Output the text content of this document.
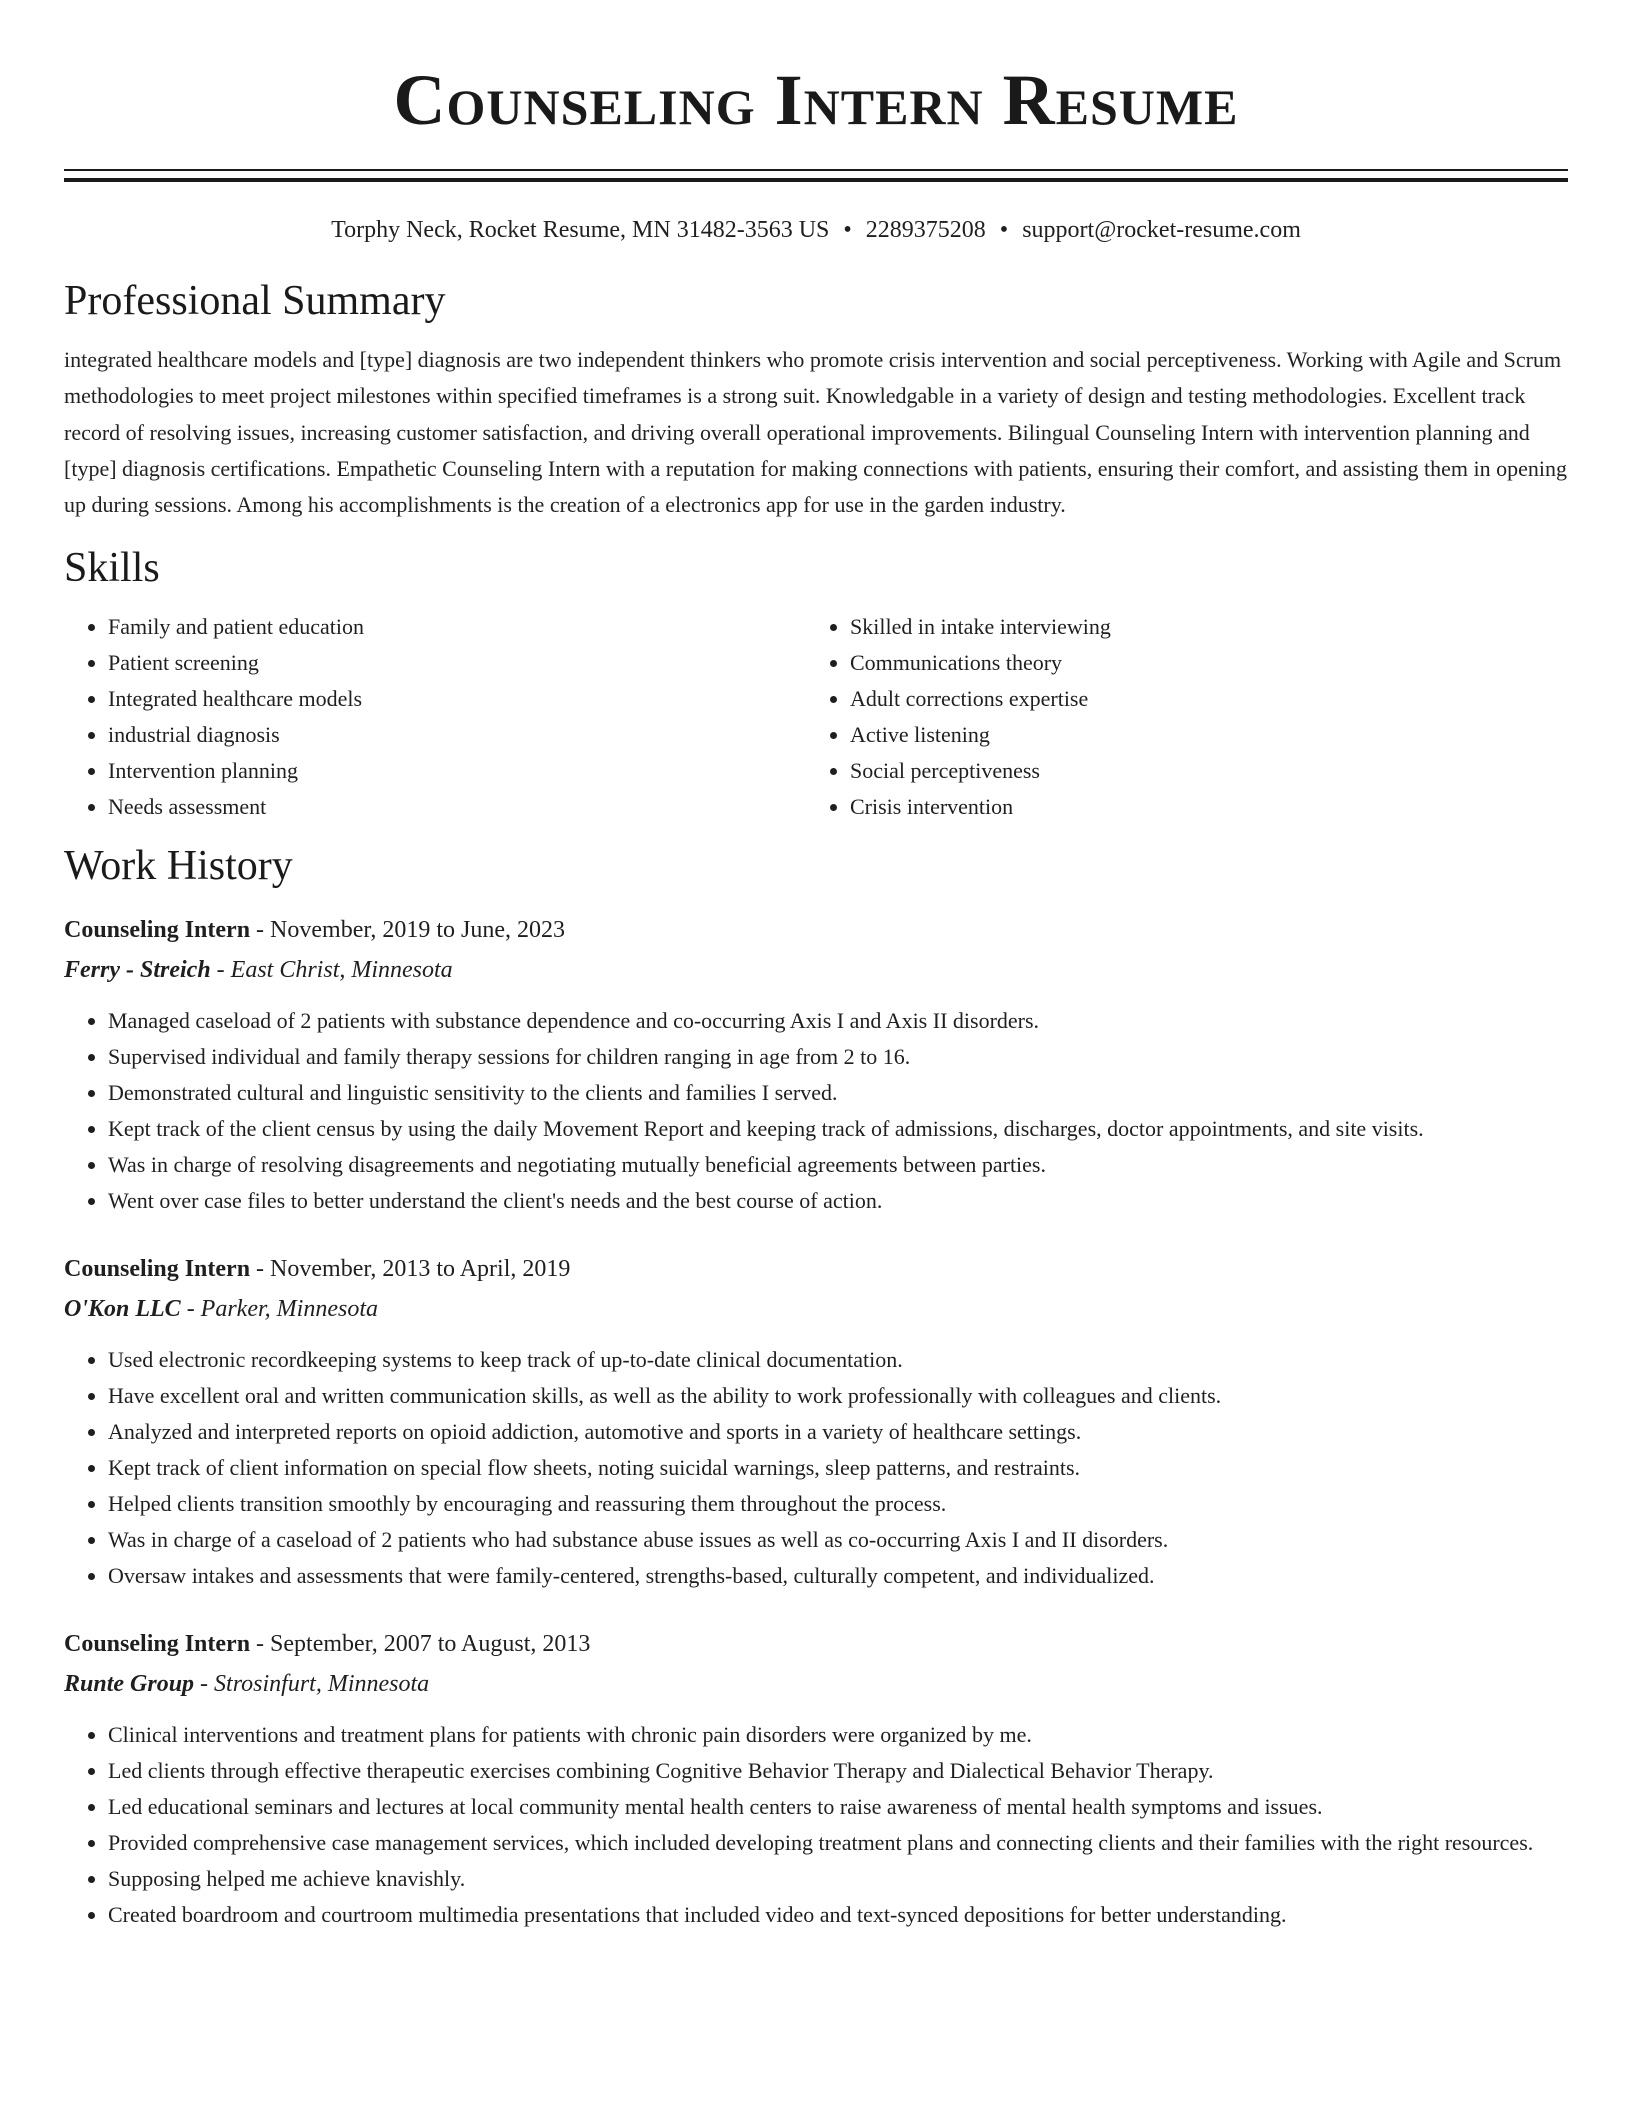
Counseling Intern Resume
Torphy Neck, Rocket Resume, MN 31482-3563 US • 2289375208 • support@rocket-resume.com
Professional Summary

integrated healthcare models and [type] diagnosis are two independent thinkers who promote crisis intervention and social perceptiveness. Working with Agile and Scrum methodologies to meet project milestones within specified timeframes is a strong suit. Knowledgable in a variety of design and testing methodologies. Excellent track record of resolving issues, increasing customer satisfaction, and driving overall operational improvements. Bilingual Counseling Intern with intervention planning and [type] diagnosis certifications. Empathetic Counseling Intern with a reputation for making connections with patients, ensuring their comfort, and assisting them in opening up during sessions. Among his accomplishments is the creation of a electronics app for use in the garden industry.

Skills
• Family and patient education
• Patient screening
• Integrated healthcare models
• industrial diagnosis
• Intervention planning
• Needs assessment
• Skilled in intake interviewing
• Communications theory
• Adult corrections expertise
• Active listening
• Social perceptiveness
• Crisis intervention
Work History
Counseling Intern - November, 2019 to June, 2023
Ferry - Streich - East Christ, Minnesota
• Managed caseload of 2 patients with substance dependence and co-occurring Axis I and Axis II disorders.
• Supervised individual and family therapy sessions for children ranging in age from 2 to 16.
• Demonstrated cultural and linguistic sensitivity to the clients and families I served.
• Kept track of the client census by using the daily Movement Report and keeping track of admissions, discharges, doctor appointments, and site visits.
• Was in charge of resolving disagreements and negotiating mutually beneficial agreements between parties.
• Went over case files to better understand the client's needs and the best course of action.
Counseling Intern - November, 2013 to April, 2019
O'Kon LLC - Parker, Minnesota
• Used electronic recordkeeping systems to keep track of up-to-date clinical documentation.
• Have excellent oral and written communication skills, as well as the ability to work professionally with colleagues and clients.
• Analyzed and interpreted reports on opioid addiction, automotive and sports in a variety of healthcare settings.
• Kept track of client information on special flow sheets, noting suicidal warnings, sleep patterns, and restraints.
• Helped clients transition smoothly by encouraging and reassuring them throughout the process.
• Was in charge of a caseload of 2 patients who had substance abuse issues as well as co-occurring Axis I and II disorders.
• Oversaw intakes and assessments that were family-centered, strengths-based, culturally competent, and individualized.
Counseling Intern - September, 2007 to August, 2013
Runte Group - Strosinfurt, Minnesota
• Clinical interventions and treatment plans for patients with chronic pain disorders were organized by me.
• Led clients through effective therapeutic exercises combining Cognitive Behavior Therapy and Dialectical Behavior Therapy.
• Led educational seminars and lectures at local community mental health centers to raise awareness of mental health symptoms and issues.
• Provided comprehensive case management services, which included developing treatment plans and connecting clients and their families with the right resources.
• Supposing helped me achieve knavishly.
• Created boardroom and courtroom multimedia presentations that included video and text-synced depositions for better understanding.
